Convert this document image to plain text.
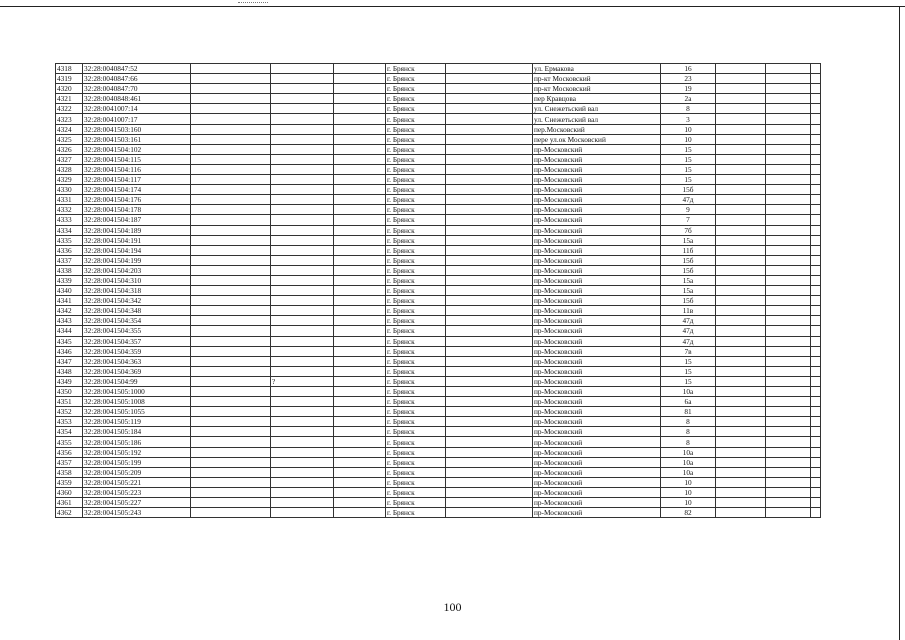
4318	32:28:0040847:52				г. Брянск		ул. Ермакова	16			
4319	32:28:0040847:66				г. Брянск		пр-кт Московский	23			
4320	32:28:0040847:70				г. Брянск		пр-кт Московский	19			
4321	32:28:0040848:461				г. Брянск		пер Кравцова	2а			
4322	32:28:0041007:14				г. Брянск		ул. Снежетьский вал	8			
4323	32:28:0041007:17				г. Брянск		ул. Снежетьский вал	3			
4324	32:28:0041503:160				г. Брянск		пер.Московский	10			
4325	32:28:0041503:161				г. Брянск		пере ул.ок Московский	10			
4326	32:28:0041504:102				г. Брянск		пр-Московский	15			
4327	32:28:0041504:115				г. Брянск		пр-Московский	15			
4328	32:28:0041504:116				г. Брянск		пр-Московский	15			
4329	32:28:0041504:117				г. Брянск		пр-Московский	15			
4330	32:28:0041504:174				г. Брянск		пр-Московский	15б			
4331	32:28:0041504:176				г. Брянск		пр-Московский	47д			
4332	32:28:0041504:178				г. Брянск		пр-Московский	9			
4333	32:28:0041504:187				г. Брянск		пр-Московский	7			
4334	32:28:0041504:189				г. Брянск		пр-Московский	7б			
4335	32:28:0041504:191				г. Брянск		пр-Московский	15а			
4336	32:28:0041504:194				г. Брянск		пр-Московский	11б			
4337	32:28:0041504:199				г. Брянск		пр-Московский	15б			
4338	32:28:0041504:203				г. Брянск		пр-Московский	15б			
4339	32:28:0041504:310				г. Брянск		пр-Московский	15а			
4340	32:28:0041504:318				г. Брянск		пр-Московский	15а			
4341	32:28:0041504:342				г. Брянск		пр-Московский	15б			
4342	32:28:0041504:348				г. Брянск		пр-Московский	11в			
4343	32:28:0041504:354				г. Брянск		пр-Московский	47д			
4344	32:28:0041504:355				г. Брянск		пр-Московский	47д			
4345	32:28:0041504:357				г. Брянск		пр-Московский	47д			
4346	32:28:0041504:359				г. Брянск		пр-Московский	7в			
4347	32:28:0041504:363				г. Брянск		пр-Московский	15			
4348	32:28:0041504:369				г. Брянск		пр-Московский	15			
4349	32:28:0041504:99		?		г. Брянск		пр-Московский	15			
4350	32:28:0041505:1000				г. Брянск		пр-Московский	10а			
4351	32:28:0041505:1008				г. Брянск		пр-Московский	6а			
4352	32:28:0041505:1055				г. Брянск		пр-Московский	81			
4353	32:28:0041505:119				г. Брянск		пр-Московский	8			
4354	32:28:0041505:184				г. Брянск		пр-Московский	8			
4355	32:28:0041505:186				г. Брянск		пр-Московский	8			
4356	32:28:0041505:192				г. Брянск		пр-Московский	10а			
4357	32:28:0041505:199				г. Брянск		пр-Московский	10а			
4358	32:28:0041505:209				г. Брянск		пр-Московский	10а			
4359	32:28:0041505:221				г. Брянск		пр-Московский	10			
4360	32:28:0041505:223				г. Брянск		пр-Московский	10			
4361	32:28:0041505:227				г. Брянск		пр-Московский	10			
4362	32:28:0041505:243				г. Брянск		пр-Московский	82			
100
